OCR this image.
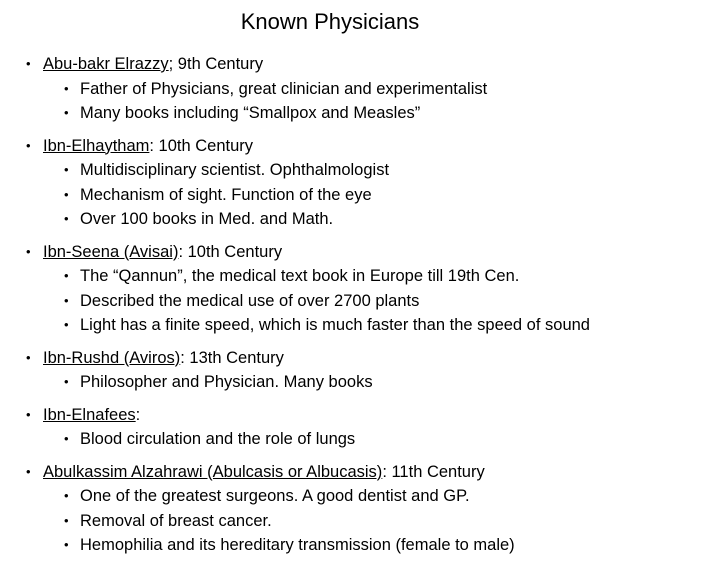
Known Physicians
• Abu-bakr Elrazzy; 9th Century
• Father of Physicians, great clinician and experimentalist
• Many books including “Smallpox and Measles”
• Ibn-Elhaytham: 10th Century
• Multidisciplinary scientist. Ophthalmologist
• Mechanism of sight. Function of the eye
• Over 100 books in Med. and Math.
• Ibn-Seena (Avisai): 10th Century
• The “Qannun”, the medical text book in Europe till 19th Cen.
• Described the medical use of over 2700 plants
• Light has a finite speed, which is much faster than the speed of sound
• Ibn-Rushd (Aviros): 13th Century
• Philosopher and Physician. Many books
• Ibn-Elnafees:
• Blood circulation and the role of lungs
• Abulkassim Alzahrawi (Abulcasis or Albucasis): 11th Century
• One of the greatest surgeons. A good dentist and GP.
• Removal of breast cancer.
• Hemophilia and its hereditary transmission (female to male)
